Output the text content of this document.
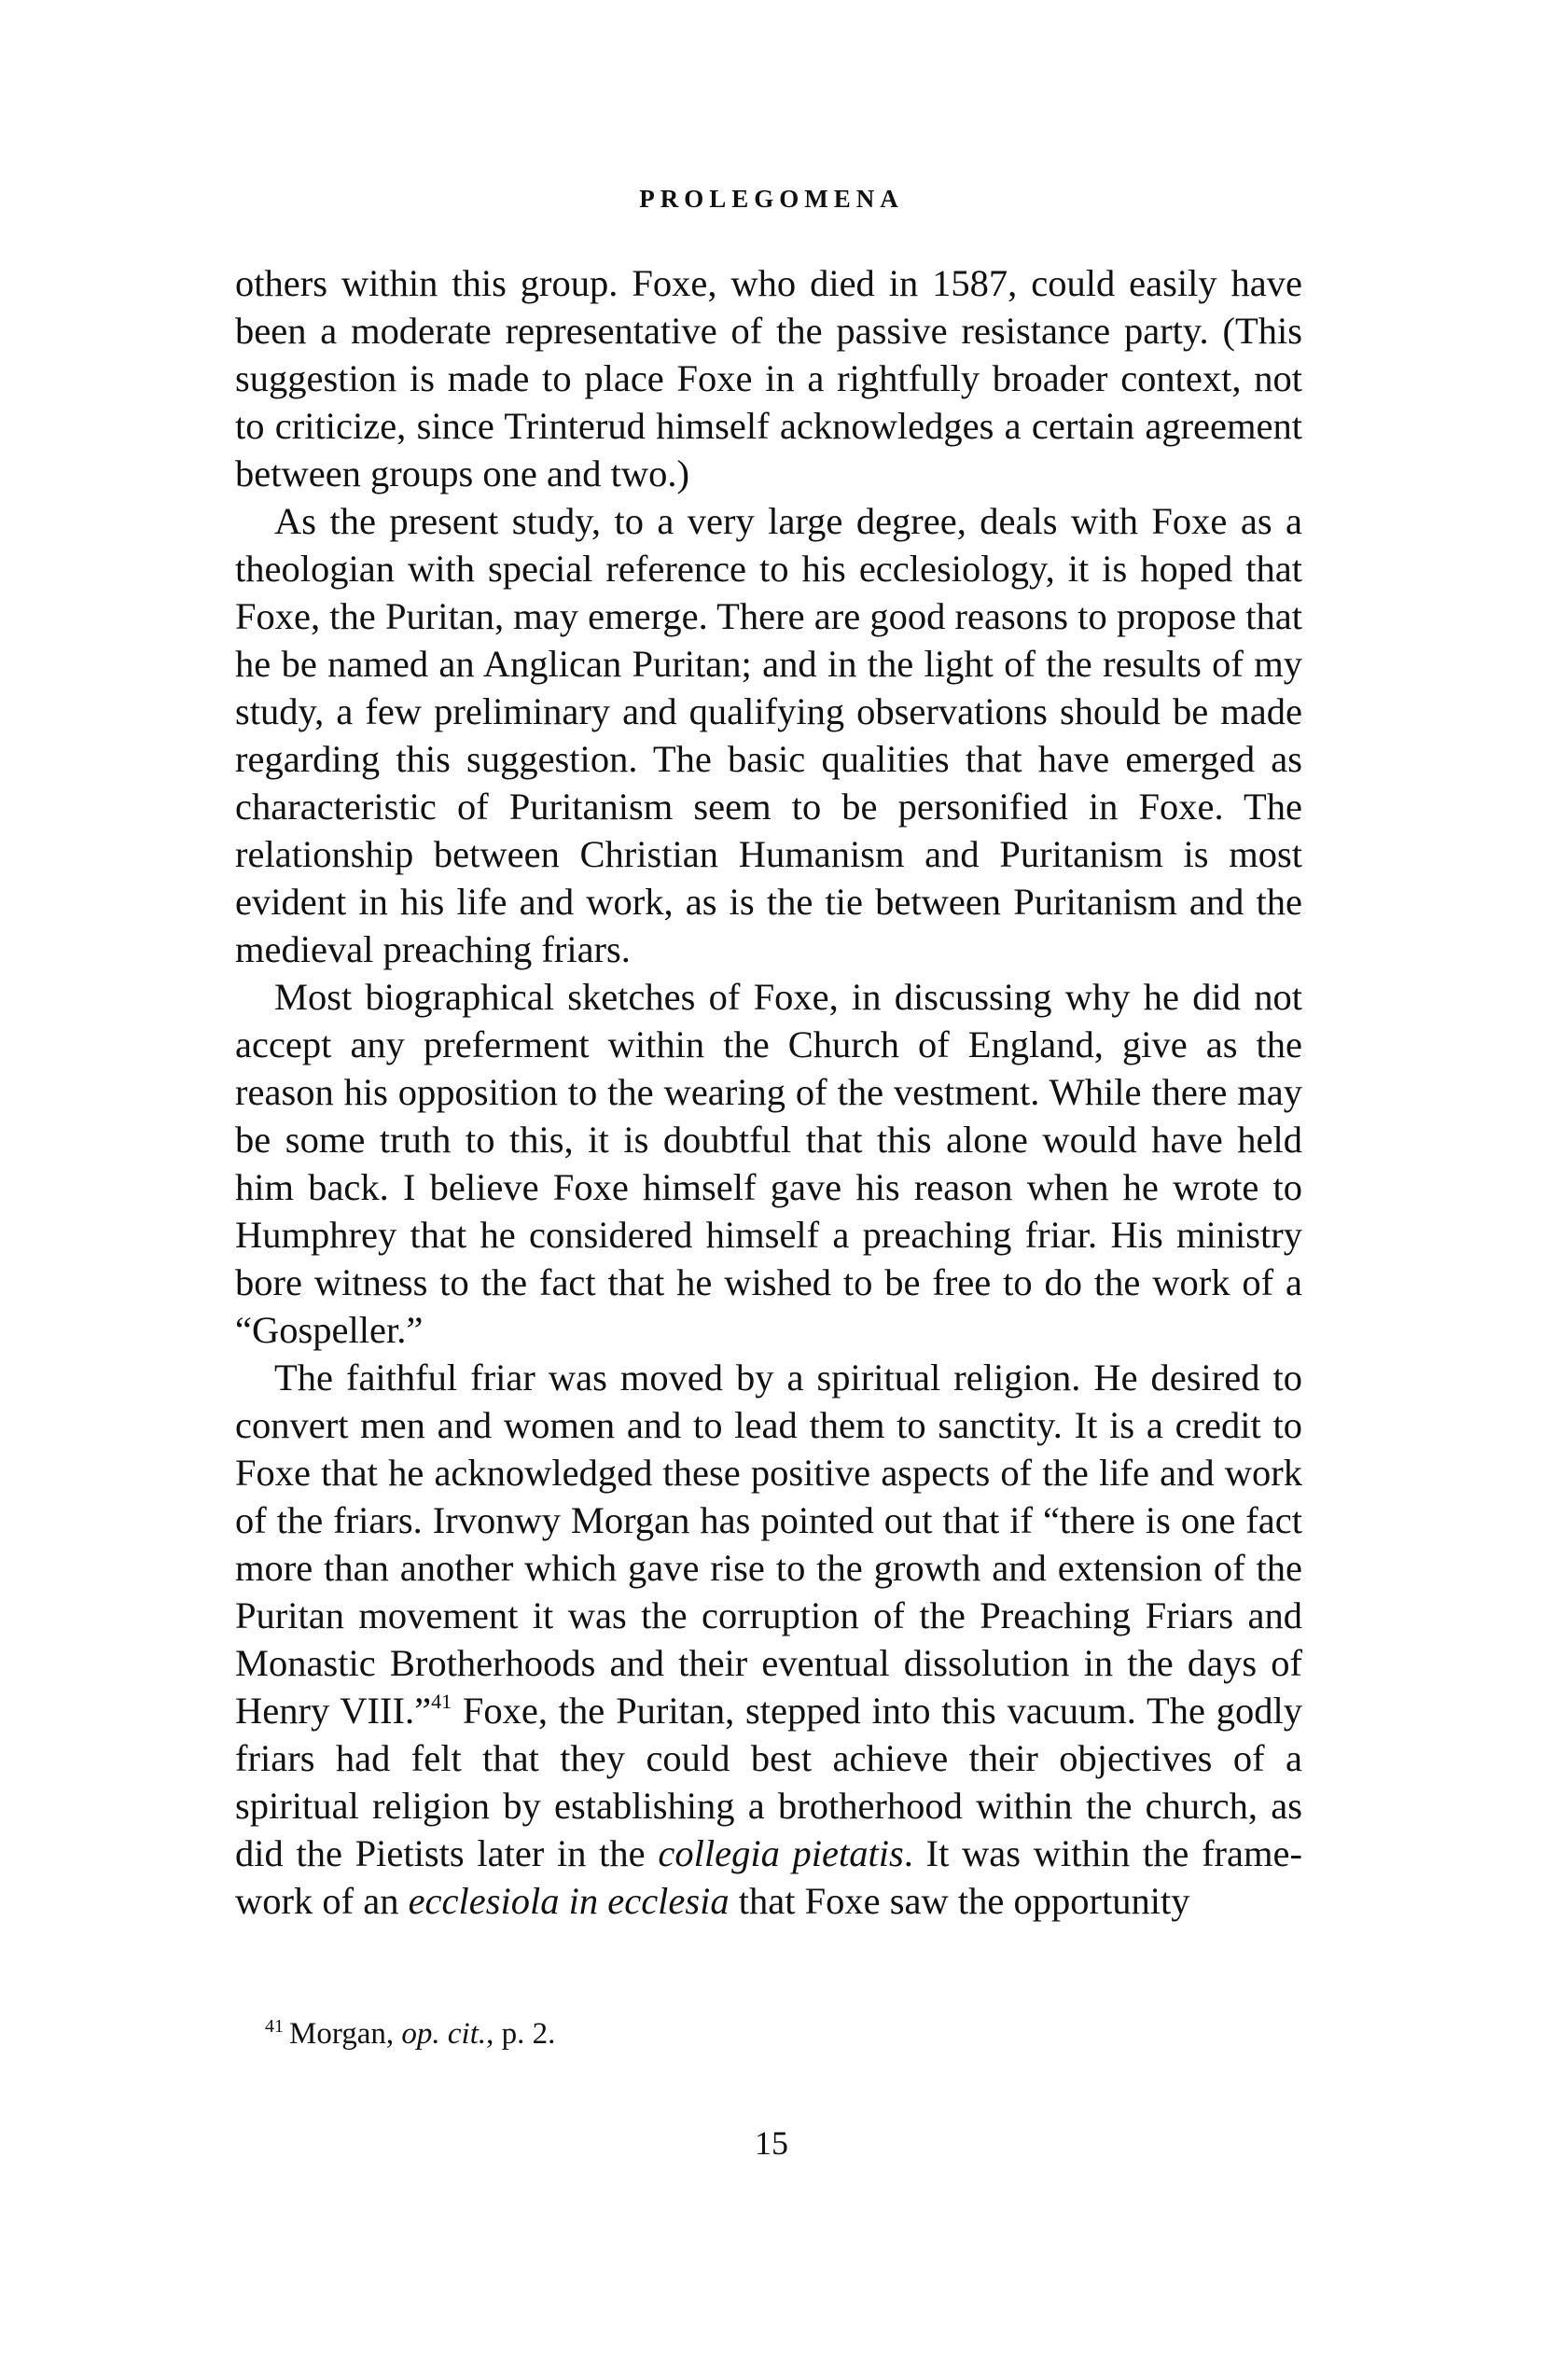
PROLEGOMENA

others within this group. Foxe, who died in 1587, could easily have been a moderate representative of the passive resistance party. (This suggestion is made to place Foxe in a rightfully broader context, not to criticize, since Trinterud himself acknowledges a certain agreement between groups one and two.)

As the present study, to a very large degree, deals with Foxe as a theologian with special reference to his ecclesiology, it is hoped that Foxe, the Puritan, may emerge. There are good reasons to propose that he be named an Anglican Puritan; and in the light of the results of my study, a few preliminary and qualifying observations should be made regarding this suggestion. The basic qualities that have emerged as characteristic of Puritanism seem to be personified in Foxe. The relationship between Christian Humanism and Puritanism is most evident in his life and work, as is the tie between Puritanism and the medieval preaching friars.

Most biographical sketches of Foxe, in discussing why he did not accept any preferment within the Church of England, give as the reason his opposition to the wearing of the vestment. While there may be some truth to this, it is doubtful that this alone would have held him back. I believe Foxe himself gave his reason when he wrote to Humphrey that he considered himself a preaching friar. His ministry bore witness to the fact that he wished to be free to do the work of a “Gospeller.”

The faithful friar was moved by a spiritual religion. He desired to convert men and women and to lead them to sanctity. It is a credit to Foxe that he acknowledged these positive aspects of the life and work of the friars. Irvonwy Morgan has pointed out that if “there is one fact more than another which gave rise to the growth and extension of the Puritan movement it was the corruption of the Preaching Friars and Monastic Brotherhoods and their eventual dissolution in the days of Henry VIII.”$^{41}$ Foxe, the Puritan, stepped into this vacuum. The godly friars had felt that they could best achieve their objectives of a spiritual religion by establishing a brotherhood within the church, as did the Pietists later in the collegia pietatis. It was within the framework of an ecclesiola in ecclesia that Foxe saw the opportunity

$^{41}$ Morgan, op. cit., p. 2.

15
